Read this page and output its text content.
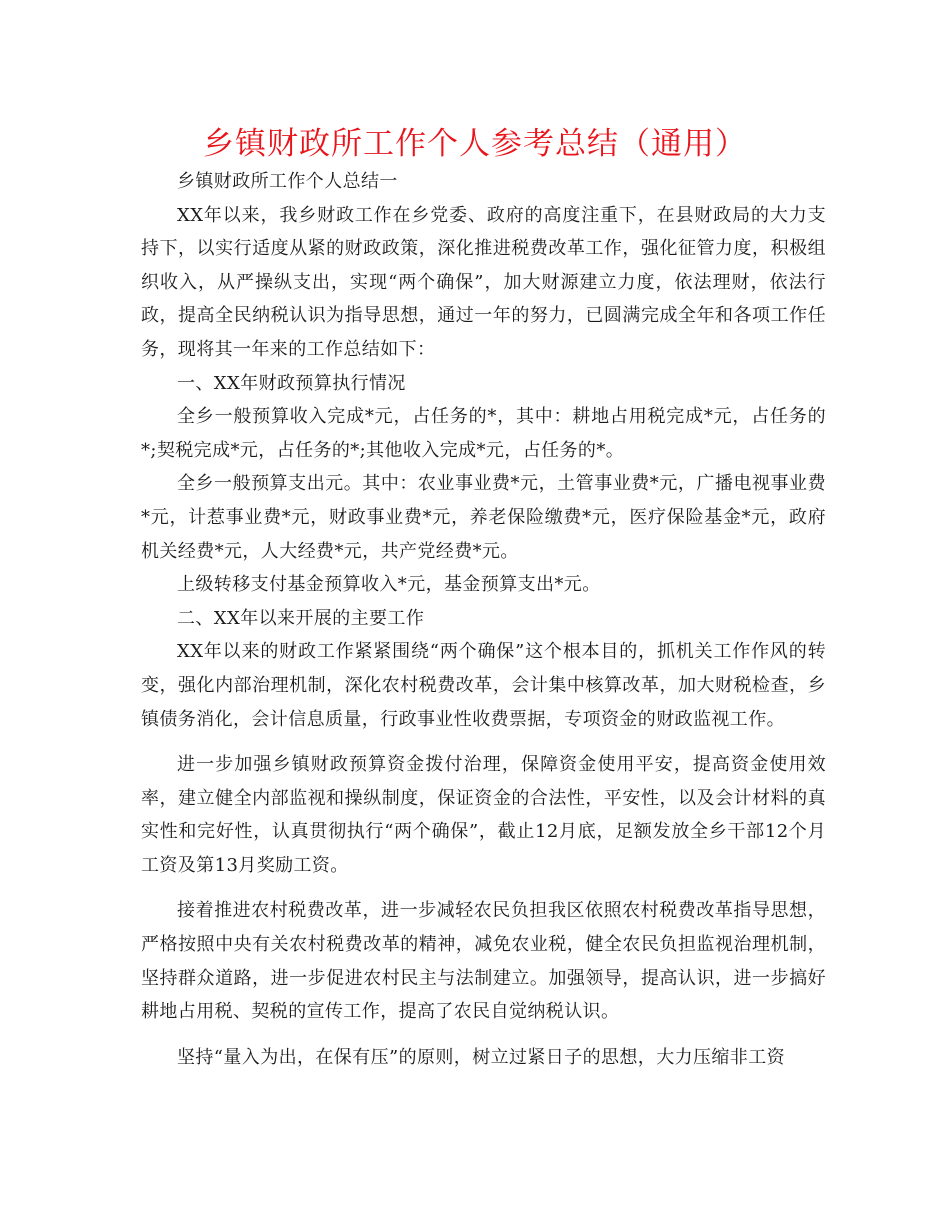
乡镇财政所工作个人参考总结（通用）

乡镇财政所工作个人总结一

XX年以来，我乡财政工作在乡党委、政府的高度注重下，在县财政局的大力支持下，以实行适度从紧的财政政策，深化推进税费改革工作，强化征管力度，积极组织收入，从严操纵支出，实现“两个确保”，加大财源建立力度，依法理财，依法行政，提高全民纳税认识为指导思想，通过一年的努力，已圆满完成全年和各项工作任务，现将其一年来的工作总结如下：

一、XX年财政预算执行情况

全乡一般预算收入完成*元，占任务的*，其中：耕地占用税完成*元，占任务的*;契税完成*元，占任务的*;其他收入完成*元，占任务的*。

全乡一般预算支出元。其中：农业事业费*元，土管事业费*元，广播电视事业费*元，计惹事业费*元，财政事业费*元，养老保险缴费*元，医疗保险基金*元，政府机关经费*元，人大经费*元，共产党经费*元。

上级转移支付基金预算收入*元，基金预算支出*元。

二、XX年以来开展的主要工作

XX年以来的财政工作紧紧围绕“两个确保”这个根本目的，抓机关工作作风的转变，强化内部治理机制，深化农村税费改革，会计集中核算改革，加大财税检查，乡镇债务消化，会计信息质量，行政事业性收费票据，专项资金的财政监视工作。

进一步加强乡镇财政预算资金拨付治理，保障资金使用平安，提高资金使用效率，建立健全内部监视和操纵制度，保证资金的合法性，平安性，以及会计材料的真实性和完好性，认真贯彻执行“两个确保”，截止12月底，足额发放全乡干部12个月工资及第13月奖励工资。

接着推进农村税费改革，进一步减轻农民负担我区依照农村税费改革指导思想，严格按照中央有关农村税费改革的精神，减免农业税，健全农民负担监视治理机制，坚持群众道路，进一步促进农村民主与法制建立。加强领导，提高认识，进一步搞好耕地占用税、契税的宣传工作，提高了农民自觉纳税认识。

坚持“量入为出，在保有压”的原则，树立过紧日子的思想，大力压缩非工资
